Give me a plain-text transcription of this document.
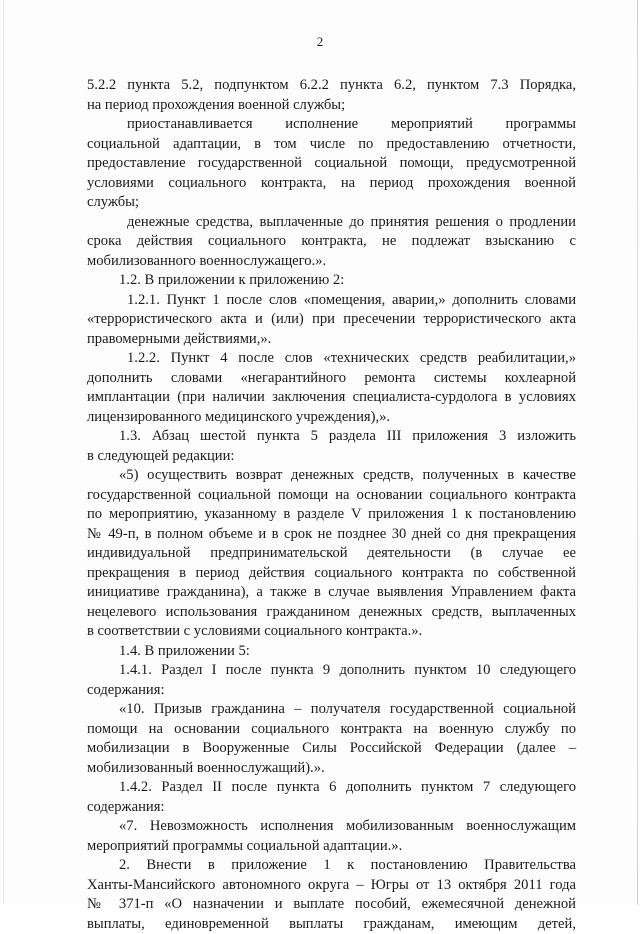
2
5.2.2 пункта 5.2, подпунктом 6.2.2 пункта 6.2, пунктом 7.3 Порядка,
на период прохождения военной службы;
приостанавливается исполнение мероприятий программы
социальной адаптации, в том числе по предоставлению отчетности,
предоставление государственной социальной помощи, предусмотренной
условиями социального контракта, на период прохождения военной
службы;
денежные средства, выплаченные до принятия решения о продлении
срока действия социального контракта, не подлежат взысканию с
мобилизованного военнослужащего.».
1.2. В приложении к приложению 2:
1.2.1. Пункт 1 после слов «помещения, аварии,» дополнить словами
«террористического акта и (или) при пресечении террористического акта
правомерными действиями,».
1.2.2. Пункт 4 после слов «технических средств реабилитации,»
дополнить словами «негарантийного ремонта системы кохлеарной
имплантации (при наличии заключения специалиста-сурдолога в условиях
лицензированного медицинского учреждения),».
1.3. Абзац шестой пункта 5 раздела III приложения 3 изложить
в следующей редакции:
«5) осуществить возврат денежных средств, полученных в качестве
государственной социальной помощи на основании социального контракта
по мероприятию, указанному в разделе V приложения 1 к постановлению
№ 49-п, в полном объеме и в срок не позднее 30 дней со дня прекращения
индивидуальной предпринимательской деятельности (в случае ее
прекращения в период действия социального контракта по собственной
инициативе гражданина), а также в случае выявления Управлением факта
нецелевого использования гражданином денежных средств, выплаченных
в соответствии с условиями социального контракта.».
1.4. В приложении 5:
1.4.1. Раздел I после пункта 9 дополнить пунктом 10 следующего
содержания:
«10. Призыв гражданина – получателя государственной социальной
помощи на основании социального контракта на военную службу по
мобилизации в Вооруженные Силы Российской Федерации (далее –
мобилизованный военнослужащий).».
1.4.2. Раздел II после пункта 6 дополнить пунктом 7 следующего
содержания:
«7. Невозможность исполнения мобилизованным военнослужащим
мероприятий программы социальной адаптации.».
2. Внести в приложение 1 к постановлению Правительства
Ханты-Мансийского автономного округа – Югры от 13 октября 2011 года
№ 371-п «О назначении и выплате пособий, ежемесячной денежной
выплаты, единовременной выплаты гражданам, имеющим детей,
